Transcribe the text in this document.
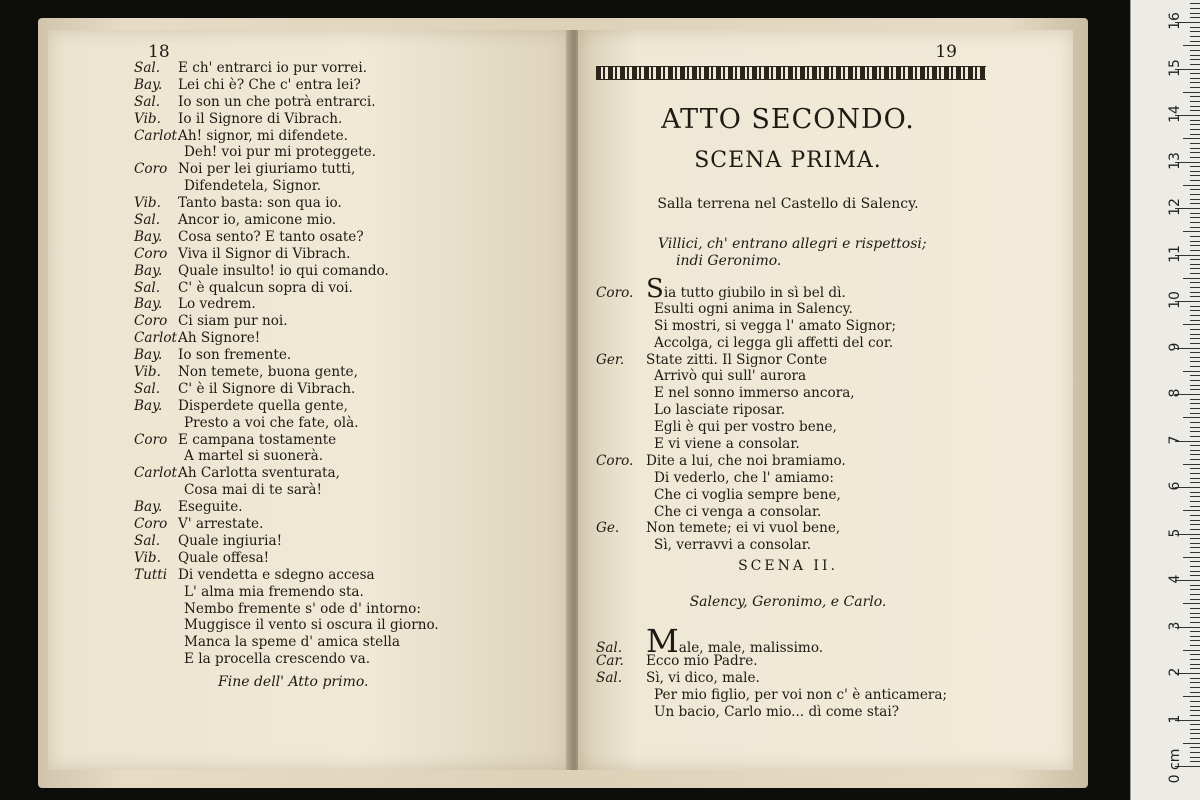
18
Sal. E ch' entrarci io pur vorrei.
Bay. Lei chi è? Che c' entra lei?
Sal. Io son un che potrà entrarci.
Vib. Io il Signore di Vibrach.
Carlot.Ah! signor, mi difendete.
Deh! voi pur mi proteggete.
Coro Noi per lei giuriamo tutti,
Difendetela, Signor.
Vib. Tanto basta: son qua io.
Sal. Ancor io, amicone mio.
Bay. Cosa sento? E tanto osate?
Coro Viva il Signor di Vibrach.
Bay. Quale insulto! io qui comando.
Sal. C' è qualcun sopra di voi.
Bay. Lo vedrem.
Coro Ci siam pur noi.
Carlot.Ah Signore!
Bay. Io son fremente.
Vib. Non temete, buona gente,
Sal. C' è il Signore di Vibrach.
Bay. Disperdete quella gente,
Presto a voi che fate, olà.
Coro E campana tostamente
A martel si suonerà.
Carlot.Ah Carlotta sventurata,
Cosa mai di te sarà!
Bay. Eseguite.
Coro V' arrestate.
Sal. Quale ingiuria!
Vib. Quale offesa!
Tutti Di vendetta e sdegno accesa
L' alma mia fremendo sta.
Nembo fremente s' ode d' intorno:
Muggisce il vento si oscura il giorno.
Manca la speme d' amica stella
E la procella crescendo va.
Fine dell' Atto primo.
19
ATTO SECONDO.
SCENA PRIMA.
Salla terrena nel Castello di Salency.
Villici, ch' entrano allegri e rispettosi;
indi Geronimo.
Coro. Sia tutto giubilo in sì bel dì.
Esulti ogni anima in Salency.
Si mostri, si vegga l' amato Signor;
Accolga, ci legga gli affetti del cor.
Ger. State zitti. Il Signor Conte
Arrivò qui sull' aurora
E nel sonno immerso ancora,
Lo lasciate riposar.
Egli è qui per vostro bene,
E vi viene a consolar.
Coro. Dite a lui, che noi bramiamo.
Di vederlo, che l' amiamo:
Che ci voglia sempre bene,
Che ci venga a consolar.
Ge. Non temete; ei vi vuol bene,
Sì, verravvi a consolar.
SCENA II.
Salency, Geronimo, e Carlo.
Sal. Male, male, malissimo.
Car. Ecco mio Padre.
Sal. Sì, vi dico, male.
Per mio figlio, per voi non c' è anticamera;
Un bacio, Carlo mio... dì come stai?
0 cm
1
2
3
4
5
6
7
8
9
10
11
12
13
14
15
16
